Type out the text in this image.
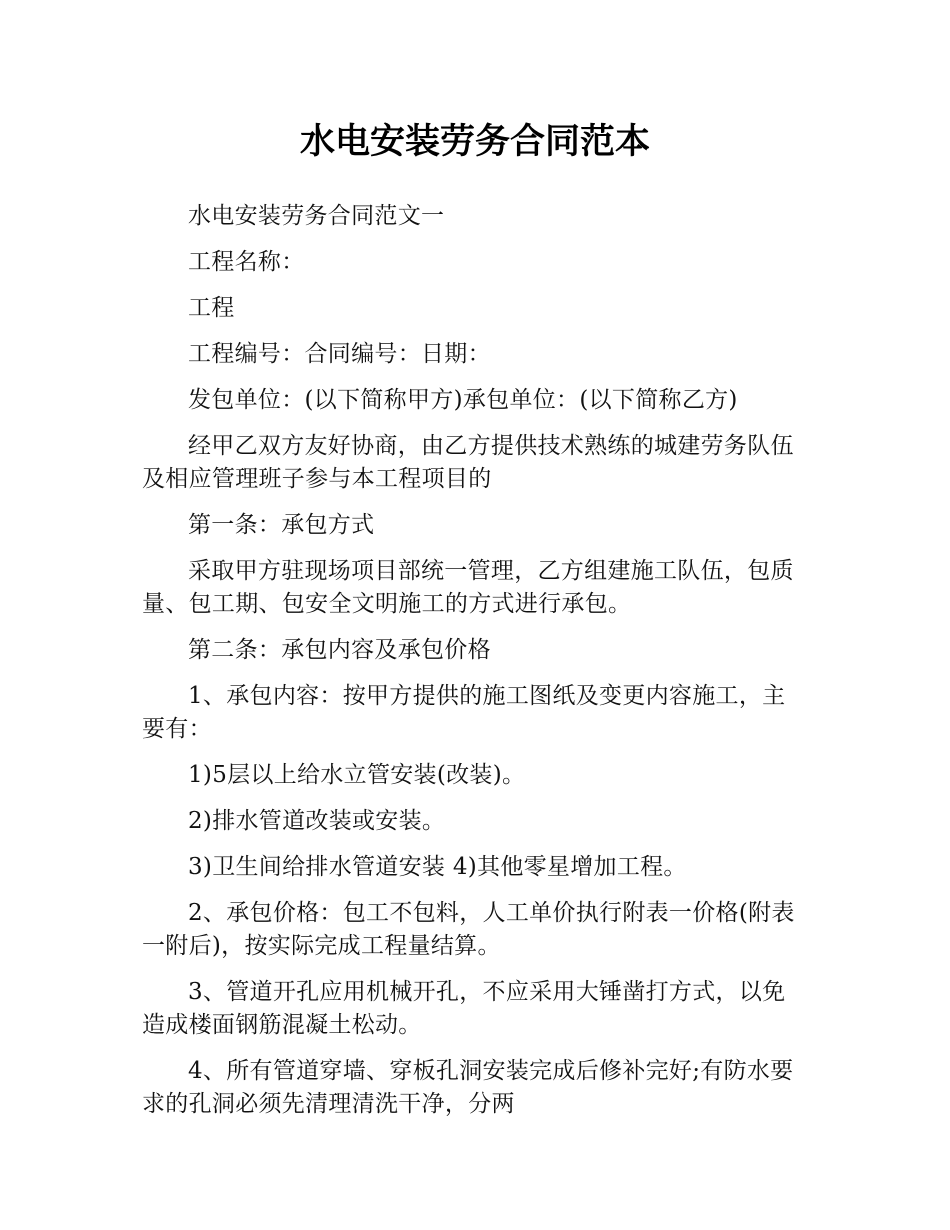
水电安装劳务合同范本

水电安装劳务合同范文一

工程名称：

工程

工程编号：合同编号：日期：

发包单位：(以下简称甲方)承包单位：(以下简称乙方)

经甲乙双方友好协商，由乙方提供技术熟练的城建劳务队伍及相应管理班子参与本工程项目的

第一条：承包方式

采取甲方驻现场项目部统一管理，乙方组建施工队伍，包质量、包工期、包安全文明施工的方式进行承包。

第二条：承包内容及承包价格

1、承包内容：按甲方提供的施工图纸及变更内容施工，主要有：

1)5层以上给水立管安装(改装)。

2)排水管道改装或安装。

3)卫生间给排水管道安装 4)其他零星增加工程。

2、承包价格：包工不包料，人工单价执行附表一价格(附表一附后)，按实际完成工程量结算。

3、管道开孔应用机械开孔，不应采用大锤凿打方式，以免造成楼面钢筋混凝土松动。

4、所有管道穿墙、穿板孔洞安装完成后修补完好;有防水要求的孔洞必须先清理清洗干净，分两
